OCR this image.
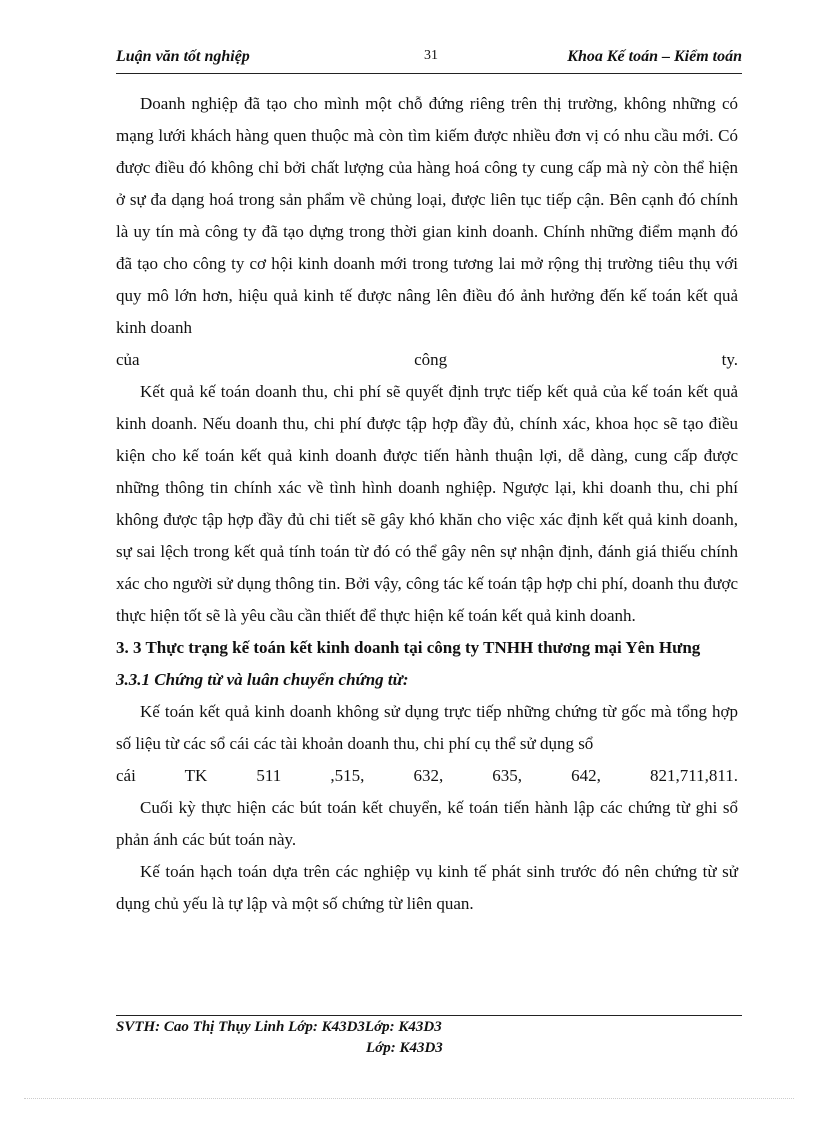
Luận văn tốt nghiệp	31	Khoa Kế toán – Kiểm toán

Doanh nghiệp đã tạo cho mình một chỗ đứng riêng trên thị trường, không những có mạng lưới khách hàng quen thuộc mà còn tìm kiếm được nhiều đơn vị có nhu cầu mới. Có được điều đó không chỉ bởi chất lượng của hàng hoá công ty cung cấp mà nỳ còn thể hiện ở sự đa dạng hoá trong sản phẩm về chủng loại, được liên tục tiếp cận. Bên cạnh đó chính là uy tín mà công ty đã tạo dựng trong thời gian kinh doanh. Chính những điểm mạnh đó đã tạo cho công ty cơ hội kinh doanh mới trong tương lai mở rộng thị trường tiêu thụ với quy mô lớn hơn, hiệu quả kinh tế được nâng lên điều đó ảnh hưởng đến kế toán kết quả kinh doanh

của công ty.

Kết quả kế toán doanh thu, chi phí sẽ quyết định trực tiếp kết quả của kế toán kết quả kinh doanh. Nếu doanh thu, chi phí được tập hợp đầy đủ, chính xác, khoa học sẽ tạo điều kiện cho kế toán kết quả kinh doanh được tiến hành thuận lợi, dễ dàng, cung cấp được những thông tin chính xác về tình hình doanh nghiệp. Ngược lại, khi doanh thu, chi phí không được tập hợp đầy đủ chi tiết sẽ gây khó khăn cho việc xác định kết quả kinh doanh, sự sai lệch trong kết quả tính toán từ đó có thể gây nên sự nhận định, đánh giá thiếu chính xác cho người sử dụng thông tin. Bởi vậy, công tác kế toán tập hợp chi phí, doanh thu được thực hiện tốt sẽ là yêu cầu cần thiết để thực hiện kế toán kết quả kinh doanh.

3. 3 Thực trạng kế toán kết kinh doanh tại công ty TNHH thương mại Yên Hưng
3.3.1 Chứng từ và luân chuyển chứng từ:

Kế toán kết quả kinh doanh không sử dụng trực tiếp những chứng từ gốc mà tổng hợp số liệu từ các sổ cái các tài khoản doanh thu, chi phí cụ thể sử dụng sổ

cái TK 511 ,515, 632, 635, 642, 821,711,811.

Cuối kỳ thực hiện các bút toán kết chuyển, kế toán tiến hành lập các chứng từ ghi sổ phản ánh các bút toán này.

Kế toán hạch toán dựa trên các nghiệp vụ kinh tế phát sinh trước đó nên chứng từ sử dụng chủ yếu là tự lập và một số chứng từ liên quan.

SVTH: Cao Thị Thụy Linh Lớp: K43D3Lớp: K43D3
Lớp: K43D3
